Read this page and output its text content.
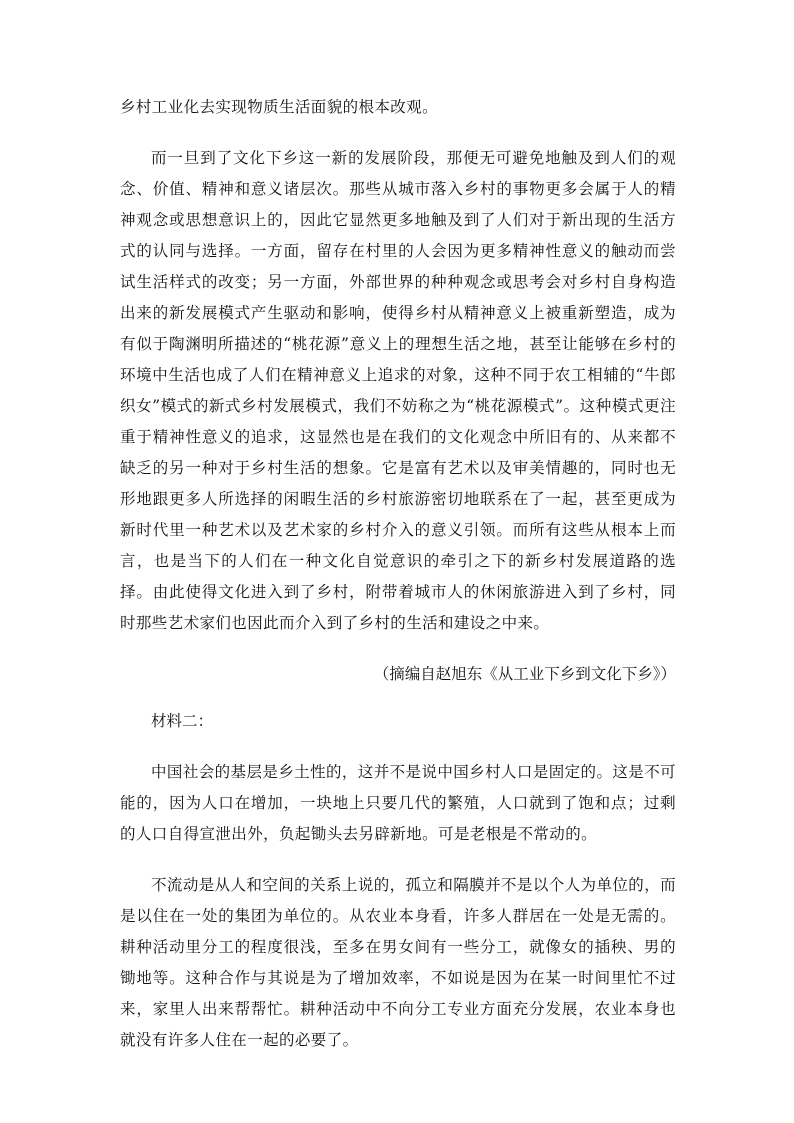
乡村工业化去实现物质生活面貌的根本改观。

而一旦到了文化下乡这一新的发展阶段，那便无可避免地触及到人们的观念、价值、精神和意义诸层次。那些从城市落入乡村的事物更多会属于人的精神观念或思想意识上的，因此它显然更多地触及到了人们对于新出现的生活方式的认同与选择。一方面，留存在村里的人会因为更多精神性意义的触动而尝试生活样式的改变；另一方面，外部世界的种种观念或思考会对乡村自身构造出来的新发展模式产生驱动和影响，使得乡村从精神意义上被重新塑造，成为有似于陶渊明所描述的“桃花源”意义上的理想生活之地，甚至让能够在乡村的环境中生活也成了人们在精神意义上追求的对象，这种不同于农工相辅的“牛郎织女”模式的新式乡村发展模式，我们不妨称之为“桃花源模式”。这种模式更注重于精神性意义的追求，这显然也是在我们的文化观念中所旧有的、从来都不缺乏的另一种对于乡村生活的想象。它是富有艺术以及审美情趣的，同时也无形地跟更多人所选择的闲暇生活的乡村旅游密切地联系在了一起，甚至更成为新时代里一种艺术以及艺术家的乡村介入的意义引领。而所有这些从根本上而言，也是当下的人们在一种文化自觉意识的牵引之下的新乡村发展道路的选择。由此使得文化进入到了乡村，附带着城市人的休闲旅游进入到了乡村，同时那些艺术家们也因此而介入到了乡村的生活和建设之中来。

（摘编自赵旭东《从工业下乡到文化下乡》）
材料二：

中国社会的基层是乡土性的，这并不是说中国乡村人口是固定的。这是不可能的，因为人口在增加，一块地上只要几代的繁殖，人口就到了饱和点；过剩的人口自得宣泄出外，负起锄头去另辟新地。可是老根是不常动的。

不流动是从人和空间的关系上说的，孤立和隔膜并不是以个人为单位的，而是以住在一处的集团为单位的。从农业本身看，许多人群居在一处是无需的。耕种活动里分工的程度很浅，至多在男女间有一些分工，就像女的插秧、男的锄地等。这种合作与其说是为了增加效率，不如说是因为在某一时间里忙不过来，家里人出来帮帮忙。耕种活动中不向分工专业方面充分发展，农业本身也就没有许多人住在一起的必要了。
